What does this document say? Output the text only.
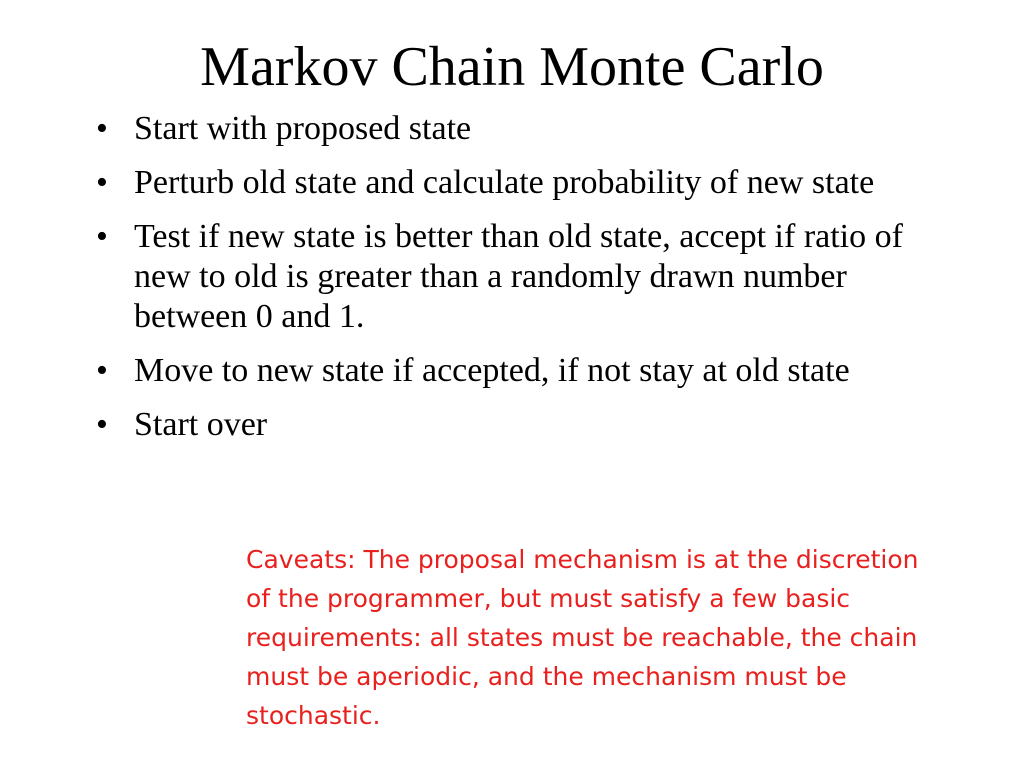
Markov Chain Monte Carlo
• Start with proposed state
• Perturb old state and calculate probability of new state
• Test if new state is better than old state, accept if ratio of new to old is greater than a randomly drawn number between 0 and 1.
• Move to new state if accepted, if not stay at old state
• Start over

Caveats: The proposal mechanism is at the discretion of the programmer, but must satisfy a few basic requirements: all states must be reachable, the chain must be aperiodic, and the mechanism must be stochastic.
